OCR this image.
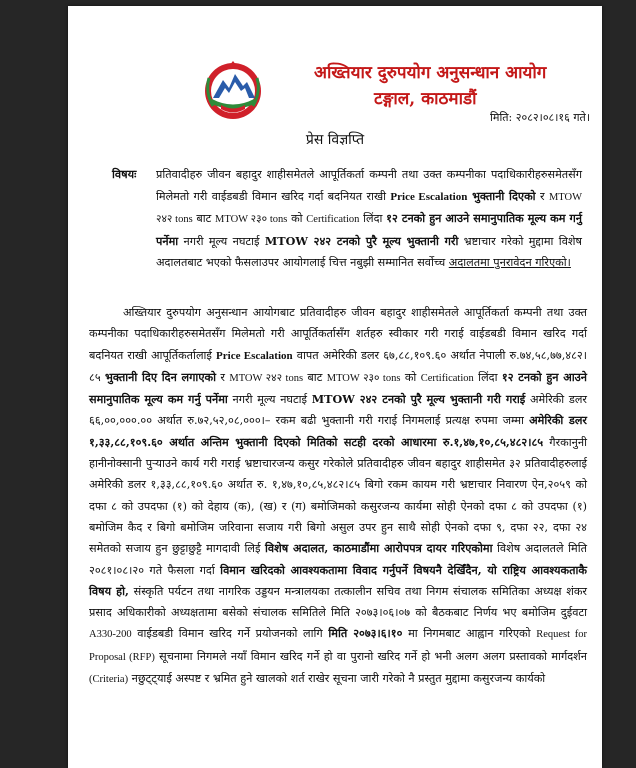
अख्तियार दुरुपयोग अनुसन्धान आयोग
टङ्गाल, काठमाडौं
मिति: २०८२।०८।१६ गते।
प्रेस विज्ञप्ति
विषयः प्रतिवादीहरु जीवन बहादुर शाहीसमेतले आपूर्तिकर्ता कम्पनी तथा उक्त कम्पनीका पदाधिकारीहरुसमेतसँग मिलेमतो गरी वाईडबडी विमान खरिद गर्दा बदनियत राखी Price Escalation भुक्तानी दिएको र MTOW २४२ tons बाट MTOW २३० tons को Certification लिंदा १२ टनको हुन आउने समानुपातिक मूल्य कम गर्नु पर्नेमा नगरी मूल्य नघटाई MTOW २४२ टनको पुरै मूल्य भुक्तानी गरी भ्रष्टाचार गरेको मुद्दामा विशेष अदालतबाट भएको फैसलाउपर आयोगलाई चित्त नबुझी सम्मानित सर्वोच्च अदालतमा पुनरावेदन गरिएको।
अख्तियार दुरुपयोग अनुसन्धान आयोगबाट प्रतिवादीहरु जीवन बहादुर शाहीसमेतले आपूर्तिकर्ता कम्पनी तथा उक्त कम्पनीका पदाधिकारीहरुसमेतसँग मिलेमतो गरी आपूर्तिकर्तासँग शर्तहरु स्वीकार गरी गराई वाईडबडी विमान खरिद गर्दा बदनियत राखी आपूर्तिकर्तालाई Price Escalation वापत अमेरिकी डलर ६७,८८,१०९.६० अर्थात नेपाली रु.७४,५८,७७,४८२।८५ भुक्तानी दिए दिन लगाएको र MTOW २४२ tons बाट MTOW २३० tons को Certification लिंदा १२ टनको हुन आउने समानुपातिक मूल्य कम गर्नु पर्नेमा नगरी मूल्य नघटाई MTOW २४२ टनको पुरै मूल्य भुक्तानी गरी गराई अमेरिकी डलर ६६,००,०००.०० अर्थात रु.७२,५२,०८,०००।– रकम बढी भुक्तानी गरी गराई निगमलाई प्रत्यक्ष रुपमा जम्मा अमेरिकी डलर १,३३,८८,१०९.६० अर्थात अन्तिम भुक्तानी दिएको मितिको सटही दरको आधारमा रु.१,४७,१०,८५,४८२।८५ गैरकानुनी हानीनोक्सानी पुऱ्याउने कार्य गरी गराई भ्रष्टाचारजन्य कसुर गरेकोले प्रतिवादीहरु जीवन बहादुर शाहीसमेत ३२ प्रतिवादीहरुलाई अमेरिकी डलर १,३३,८८,१०९.६० अर्थात रु. १,४७,१०,८५,४८२।८५ बिगो रकम कायम गरी भ्रष्टाचार निवारण ऐन,२०५९ को दफा ८ को उपदफा (१) को देहाय (क), (ख) र (ग) बमोजिमको कसुरजन्य कार्यमा सोही ऐनको दफा ८ को उपदफा (१) बमोजिम कैद र बिगो बमोजिम जरिवाना सजाय गरी बिगो असुल उपर हुन साथै सोही ऐनको दफा ९, दफा २२, दफा २४ समेतको सजाय हुन छुट्टाछुट्टै मागदावी लिई विशेष अदालत, काठमाडौंमा आरोपपत्र दायर गरिएकोमा विशेष अदालतले मिति २०८१।०८।२० गते फैसला गर्दा विमान खरिदको आवश्यकतामा विवाद गर्नुपर्ने विषयनै देखिँदैन, यो राष्ट्रिय आवश्यकताकै विषय हो, संस्कृति पर्यटन तथा नागरिक उड्डयन मन्त्रालयका तत्कालीन सचिव तथा निगम संचालक समितिका अध्यक्ष शंकर प्रसाद अधिकारीको अध्यक्षतामा बसेको संचालक समितिले मिति २०७३।०६।०७ को बैठकबाट निर्णय भए बमोजिम दुईवटा A330-200 वाईडबडी विमान खरिद गर्ने प्रयोजनको लागि मिति २०७३।६।१० मा निगमबाट आह्वान गरिएको Request for Proposal (RFP) सूचनामा निगमले नयाँ विमान खरिद गर्ने हो वा पुरानो खरिद गर्ने हो भनी अलग अलग प्रस्तावको मार्गदर्शन (Criteria) नछुट्ट्याई अस्पष्ट र भ्रमित हुने खालको शर्त राखेर सूचना जारी गरेको नै प्रस्तुत मुद्दामा कसुरजन्य कार्यको
